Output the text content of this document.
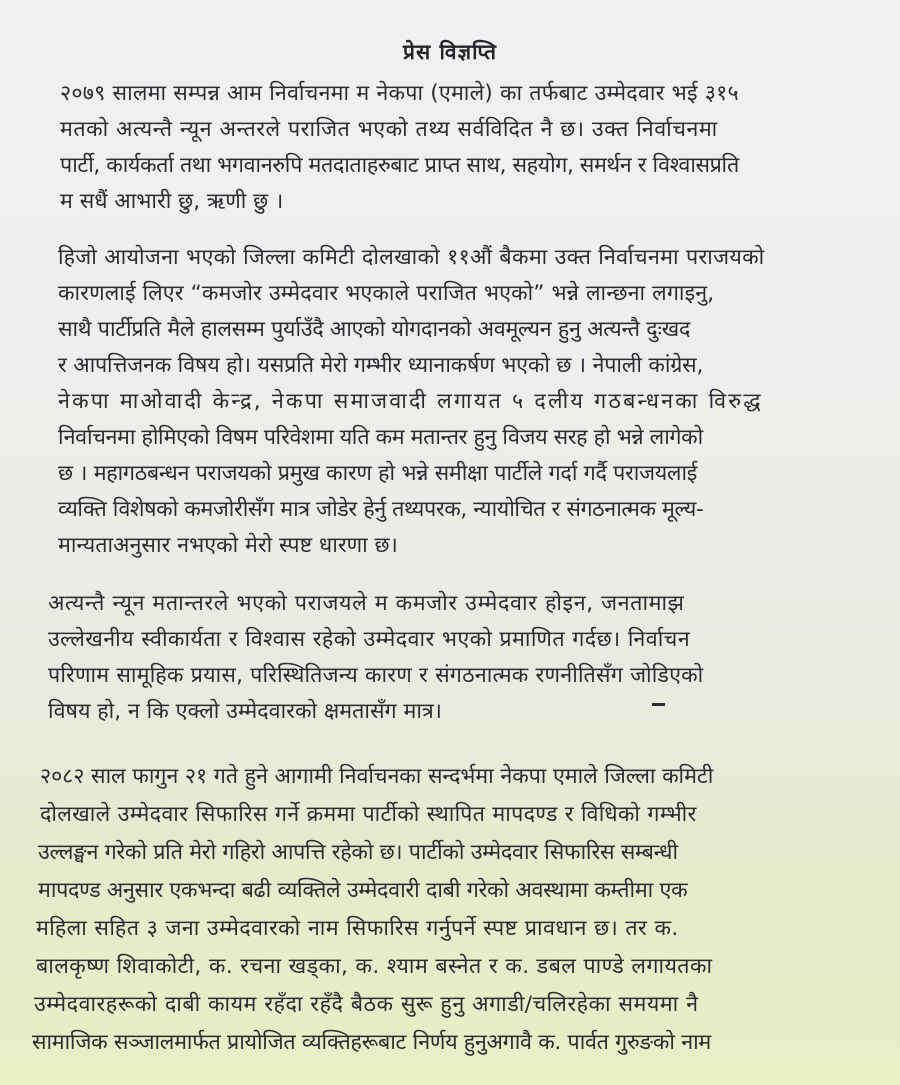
प्रेस विज्ञप्ति
२०७९ सालमा सम्पन्न आम निर्वाचनमा म नेकपा (एमाले) का तर्फबाट उम्मेदवार भई ३१५
मतको अत्यन्तै न्यून अन्तरले पराजित भएको तथ्य सर्वविदित नै छ। उक्त निर्वाचनमा
पार्टी, कार्यकर्ता तथा भगवानरुपि मतदाताहरुबाट प्राप्त साथ, सहयोग, समर्थन र विश्वासप्रति
म सधैं आभारी छु, ऋणी छु ।
हिजो आयोजना भएको जिल्ला कमिटी दोलखाको ११औं बैकमा उक्त निर्वाचनमा पराजयको
कारणलाई लिएर “कमजोर उम्मेदवार भएकाले पराजित भएको” भन्ने लान्छना लगाइनु,
साथै पार्टीप्रति मैले हालसम्म पुर्याउँदै आएको योगदानको अवमूल्यन हुनु अत्यन्तै दुःखद
र आपत्तिजनक विषय हो। यसप्रति मेरो गम्भीर ध्यानाकर्षण भएको छ । नेपाली कांग्रेस,
नेकपा माओवादी केन्द्र, नेकपा समाजवादी लगायत ५ दलीय गठबन्धनका विरुद्ध
निर्वाचनमा होमिएको विषम परिवेशमा यति कम मतान्तर हुनु विजय सरह हो भन्ने लागेको
छ । महागठबन्धन पराजयको प्रमुख कारण हो भन्ने समीक्षा पार्टीले गर्दा गर्दै पराजयलाई
व्यक्ति विशेषको कमजोरीसँग मात्र जोडेर हेर्नु तथ्यपरक, न्यायोचित र संगठनात्मक मूल्य-
मान्यताअनुसार नभएको मेरो स्पष्ट धारणा छ।
अत्यन्तै न्यून मतान्तरले भएको पराजयले म कमजोर उम्मेदवार होइन, जनतामाझ
उल्लेखनीय स्वीकार्यता र विश्वास रहेको उम्मेदवार भएको प्रमाणित गर्दछ। निर्वाचन
परिणाम सामूहिक प्रयास, परिस्थितिजन्य कारण र संगठनात्मक रणनीतिसँग जोडिएको
विषय हो, न कि एक्लो उम्मेदवारको क्षमतासँग मात्र।
२०८२ साल फागुन २१ गते हुने आगामी निर्वाचनका सन्दर्भमा नेकपा एमाले जिल्ला कमिटी
दोलखाले उम्मेदवार सिफारिस गर्ने क्रममा पार्टीको स्थापित मापदण्ड र विधिको गम्भीर
उल्लङ्घन गरेको प्रति मेरो गहिरो आपत्ति रहेको छ। पार्टीको उम्मेदवार सिफारिस सम्बन्धी
मापदण्ड अनुसार एकभन्दा बढी व्यक्तिले उम्मेदवारी दाबी गरेको अवस्थामा कम्तीमा एक
महिला सहित ३ जना उम्मेदवारको नाम सिफारिस गर्नुपर्ने स्पष्ट प्रावधान छ। तर क.
बालकृष्ण शिवाकोटी, क. रचना खड्का, क. श्याम बस्नेत र क. डबल पाण्डे लगायतका
उम्मेदवारहरूको दाबी कायम रहँदा रहँदै बैठक सुरू हुनु अगाडी/चलिरहेका समयमा नै
सामाजिक सञ्जालमार्फत प्रायोजित व्यक्तिहरूबाट निर्णय हुनुअगावै क. पार्वत गुरुङको नाम
